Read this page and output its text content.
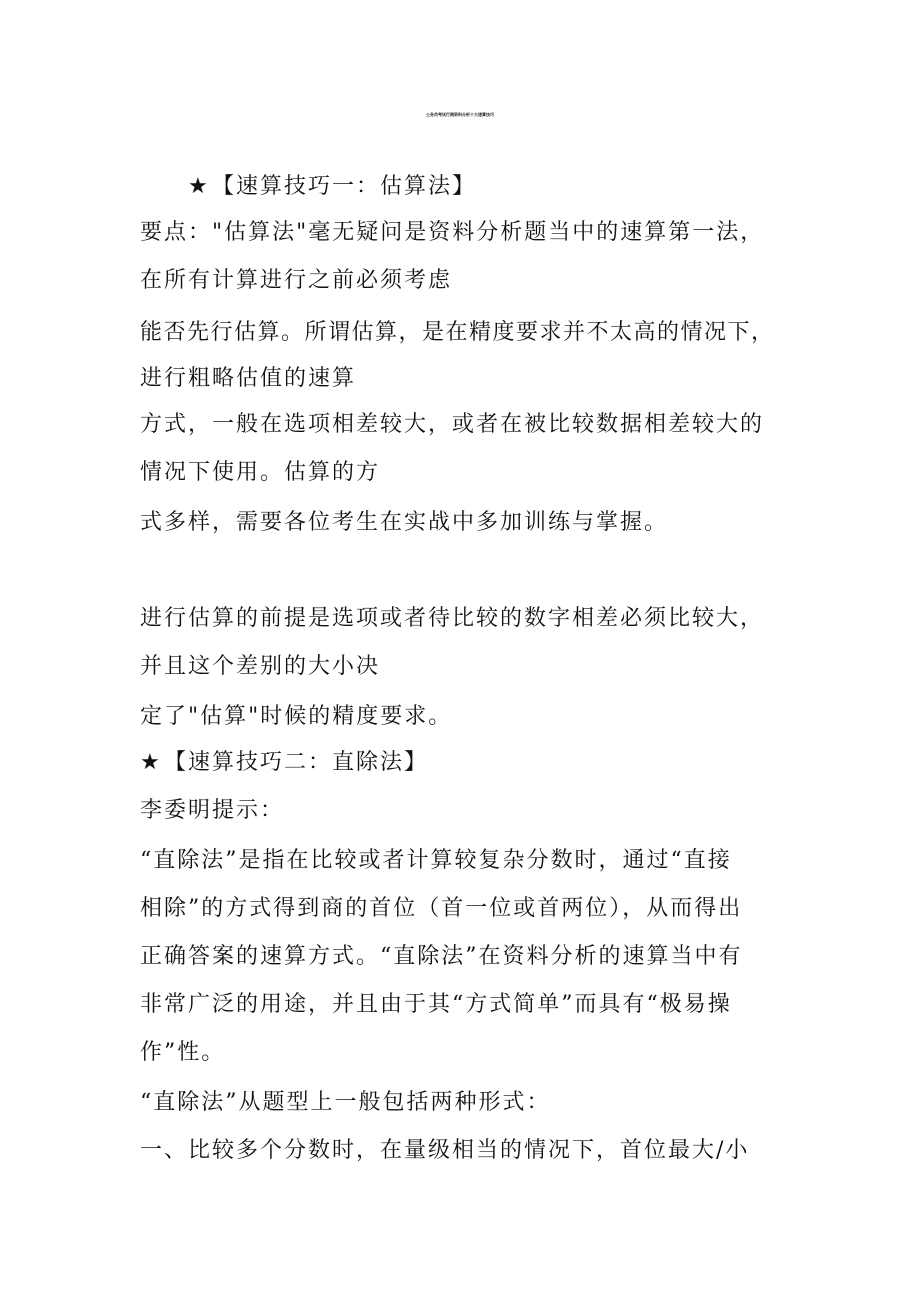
公务员考试行测资料分析十大速算技巧
★ 【速算技巧一：估算法】
要点："估算法"毫无疑问是资料分析题当中的速算第一法，
在所有计算进行之前必须考虑
能否先行估算。所谓估算，是在精度要求并不太高的情况下，
进行粗略估值的速算
方式，一般在选项相差较大，或者在被比较数据相差较大的
情况下使用。估算的方
式多样，需要各位考生在实战中多加训练与掌握。
进行估算的前提是选项或者待比较的数字相差必须比较大，
并且这个差别的大小决
定了"估算"时候的精度要求。
★ 【速算技巧二：直除法】
李委明提示：
“直除法”是指在比较或者计算较复杂分数时，通过“直接
相除”的方式得到商的首位（首一位或首两位），从而得出
正确答案的速算方式。“直除法”在资料分析的速算当中有
非常广泛的用途，并且由于其“方式简单”而具有“极易操
作”性。
“直除法”从题型上一般包括两种形式：
一、比较多个分数时，在量级相当的情况下，首位最大/小
